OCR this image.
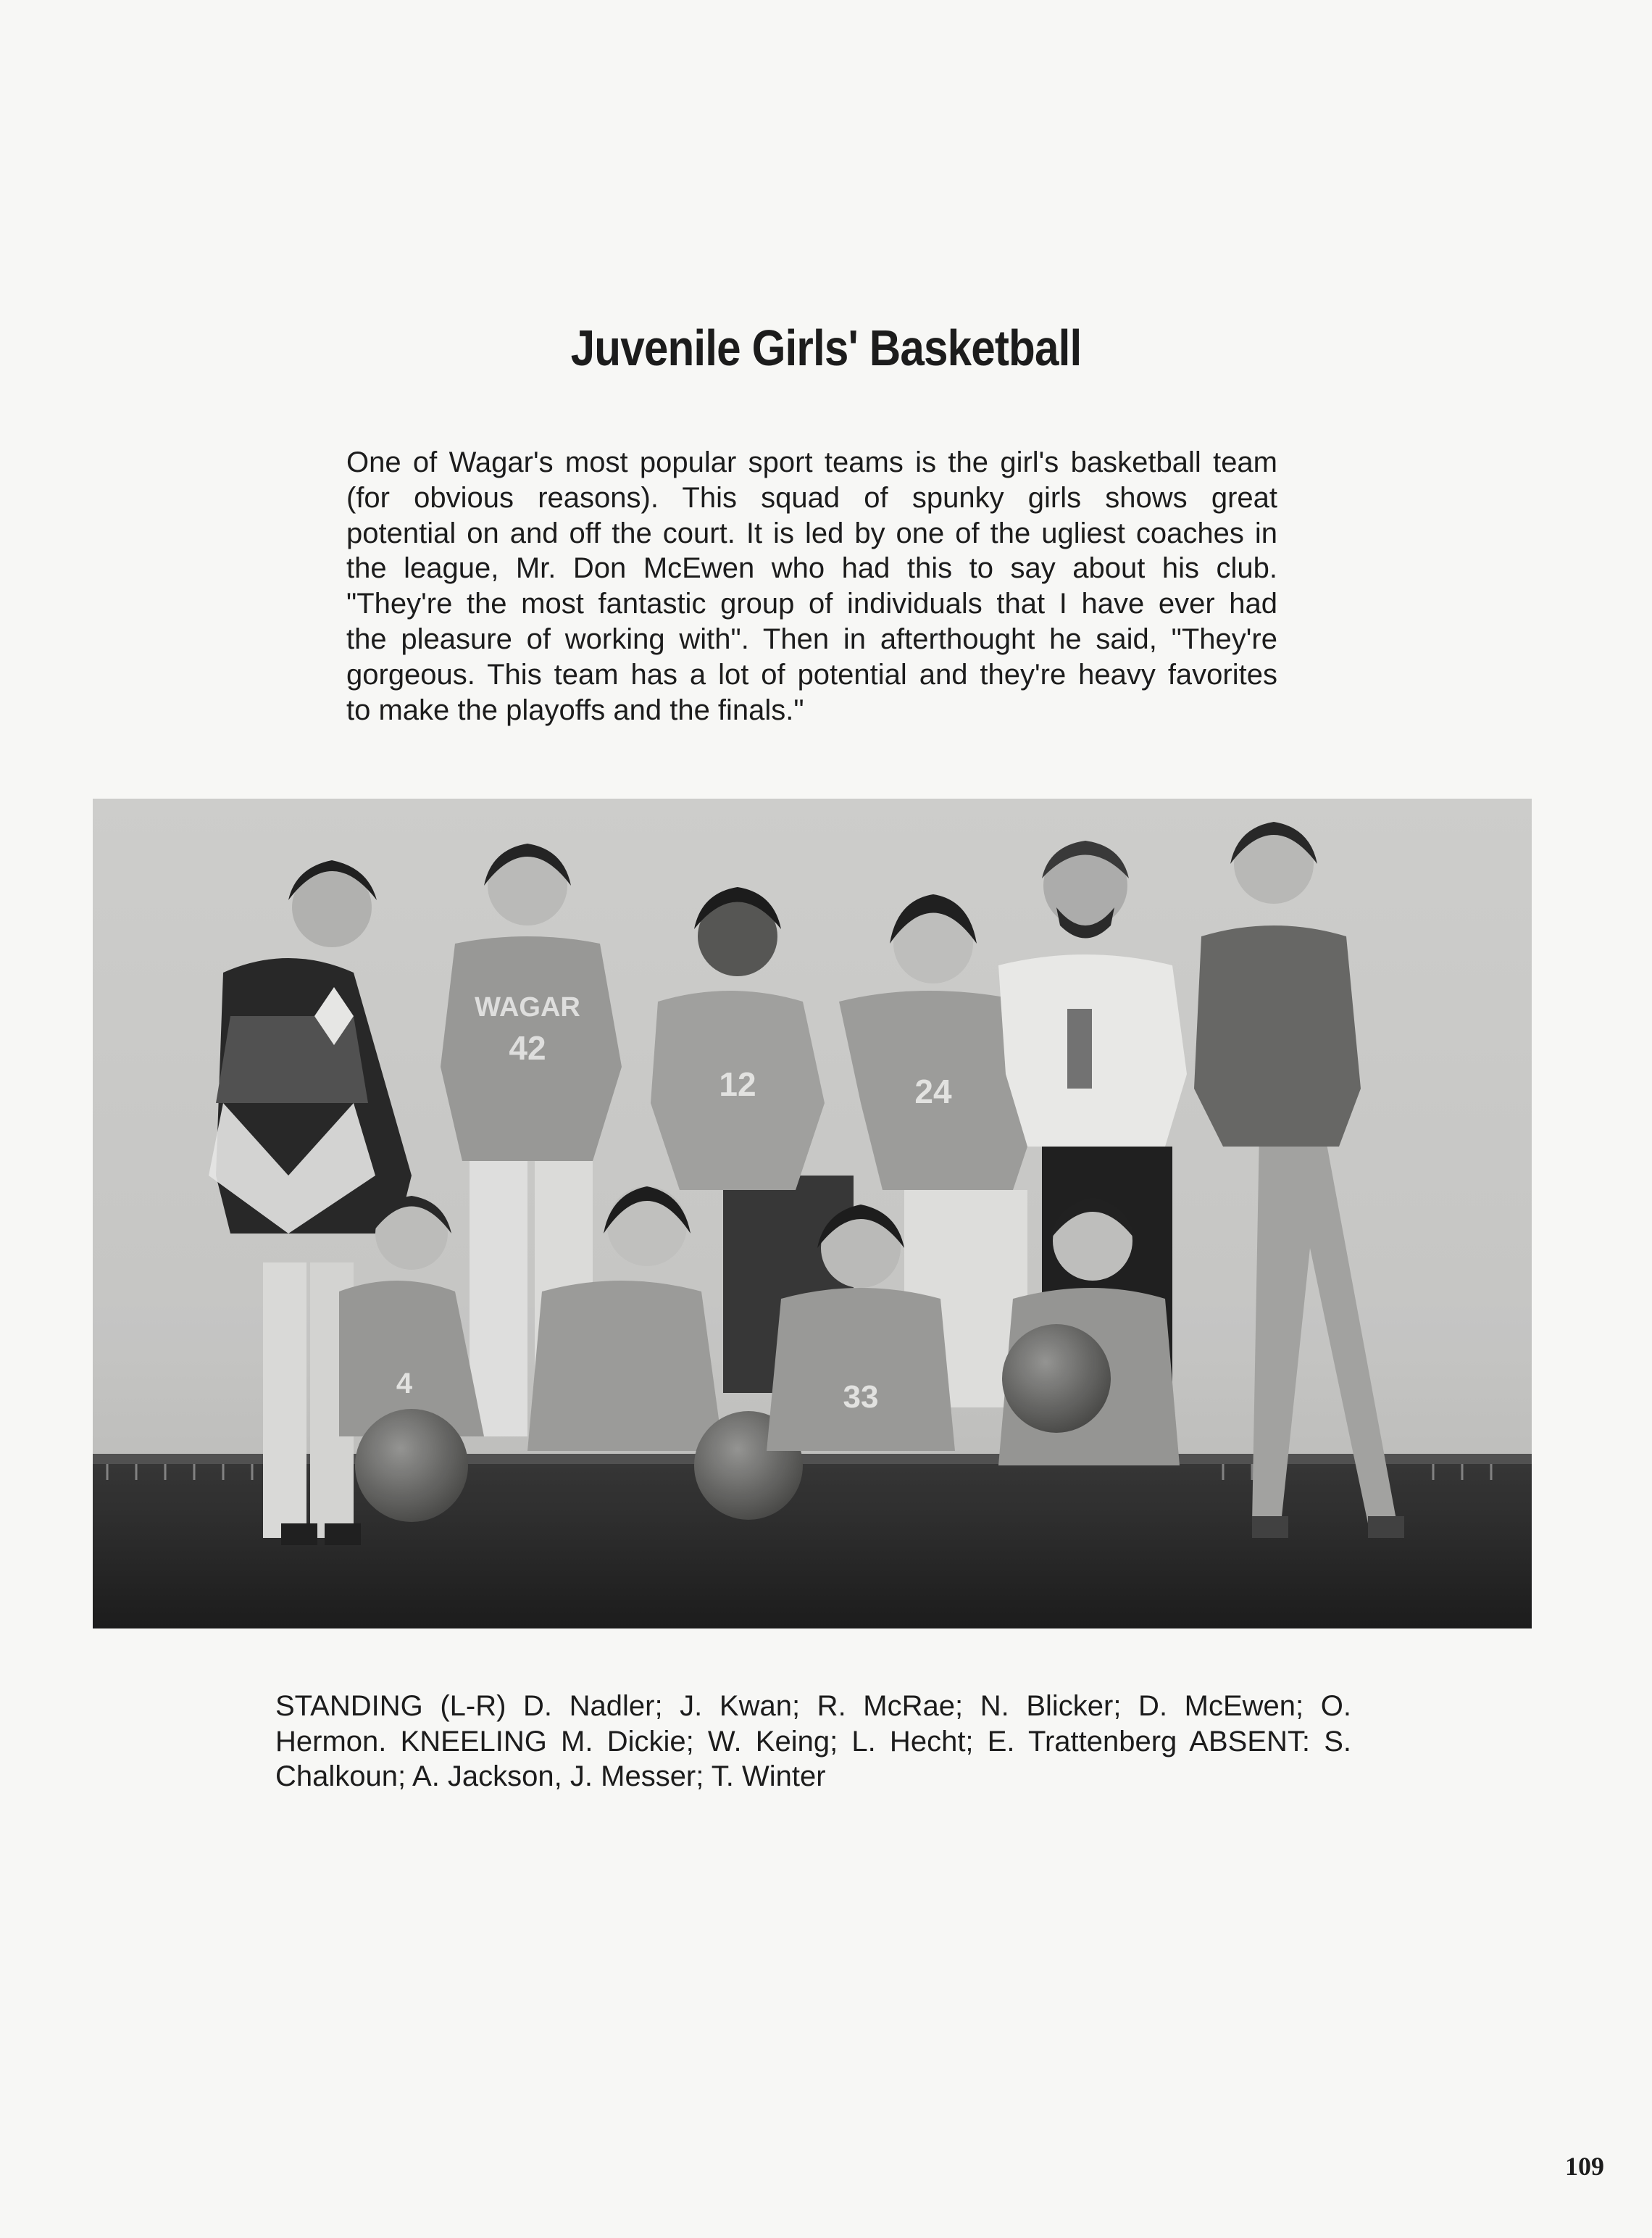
Juvenile Girls' Basketball
One of Wagar's most popular sport teams is the girl's basketball team
(for obvious reasons). This squad of spunky girls shows great
potential on and off the court. It is led by one of the ugliest coaches in
the league, Mr. Don McEwen who had this to say about his club.
"They're the most fantastic group of individuals that I have ever had
the pleasure of working with". Then in afterthought he said, "They're
gorgeous. This team has a lot of potential and they're heavy favorites
to make the playoffs and the finals."
42
WAGAR
12	24
4	33
STANDING (L-R) D. Nadler; J. Kwan; R. McRae; N. Blicker; D. McEwen; O.
Hermon. KNEELING M. Dickie; W. Keing; L. Hecht; E. Trattenberg ABSENT: S.
Chalkoun; A. Jackson, J. Messer; T. Winter
109
